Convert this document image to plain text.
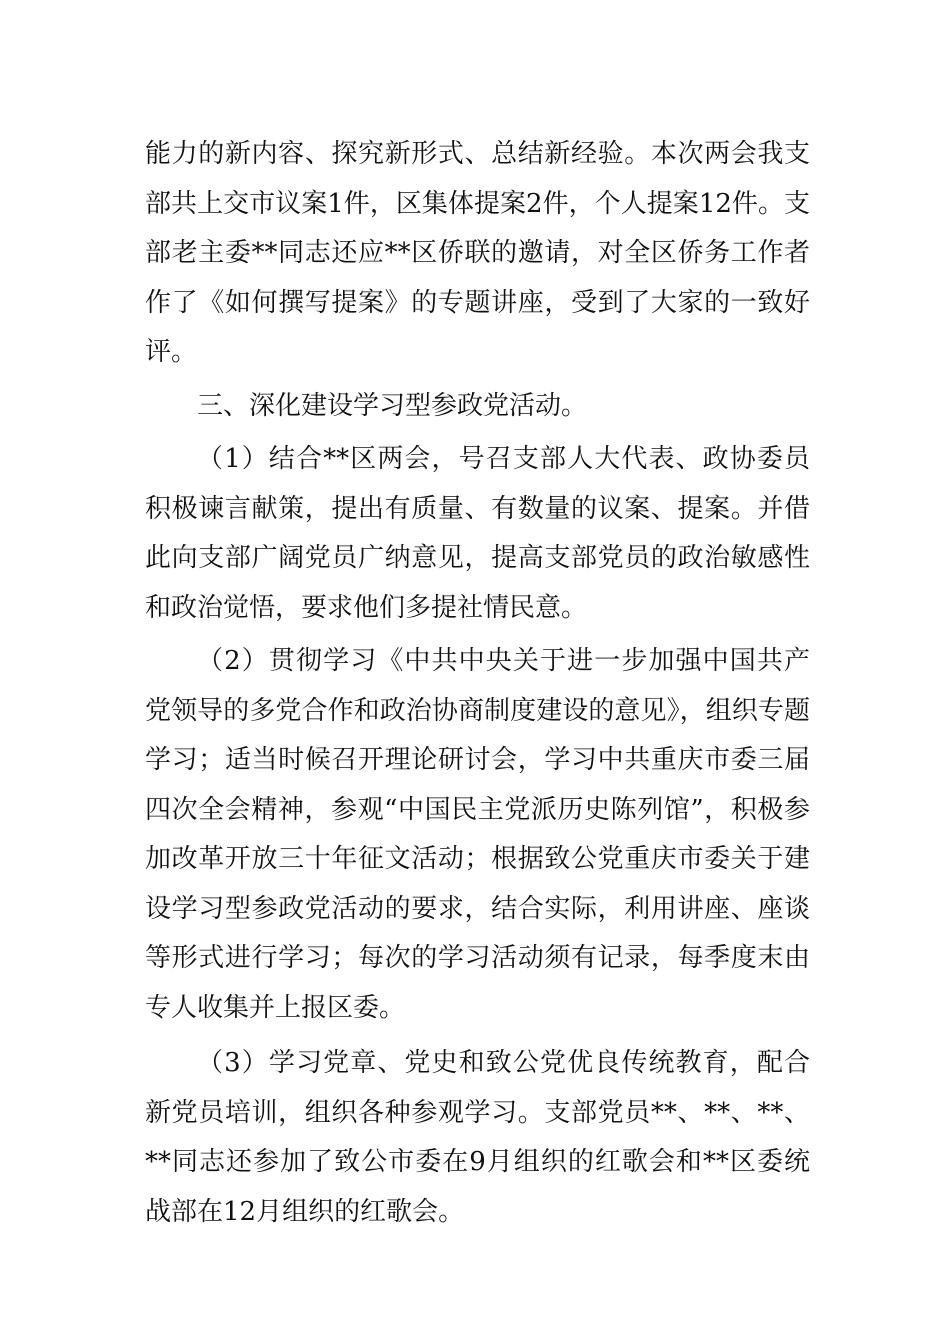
能力的新内容、探究新形式、总结新经验。本次两会我支部共上交市议案1件，区集体提案2件，个人提案12件。支部老主委**同志还应**区侨联的邀请，对全区侨务工作者作了《如何撰写提案》的专题讲座，受到了大家的一致好评。

三、深化建设学习型参政党活动。

（1）结合**区两会，号召支部人大代表、政协委员积极谏言献策，提出有质量、有数量的议案、提案。并借此向支部广阔党员广纳意见，提高支部党员的政治敏感性和政治觉悟，要求他们多提社情民意。

（2）贯彻学习《中共中央关于进一步加强中国共产党领导的多党合作和政治协商制度建设的意见》，组织专题学习；适当时候召开理论研讨会，学习中共重庆市委三届四次全会精神，参观“中国民主党派历史陈列馆”，积极参加改革开放三十年征文活动；根据致公党重庆市委关于建设学习型参政党活动的要求，结合实际，利用讲座、座谈等形式进行学习；每次的学习活动须有记录，每季度末由专人收集并上报区委。

（3）学习党章、党史和致公党优良传统教育，配合新党员培训，组织各种参观学习。支部党员**、**、**、**同志还参加了致公市委在9月组织的红歌会和**区委统战部在12月组织的红歌会。
